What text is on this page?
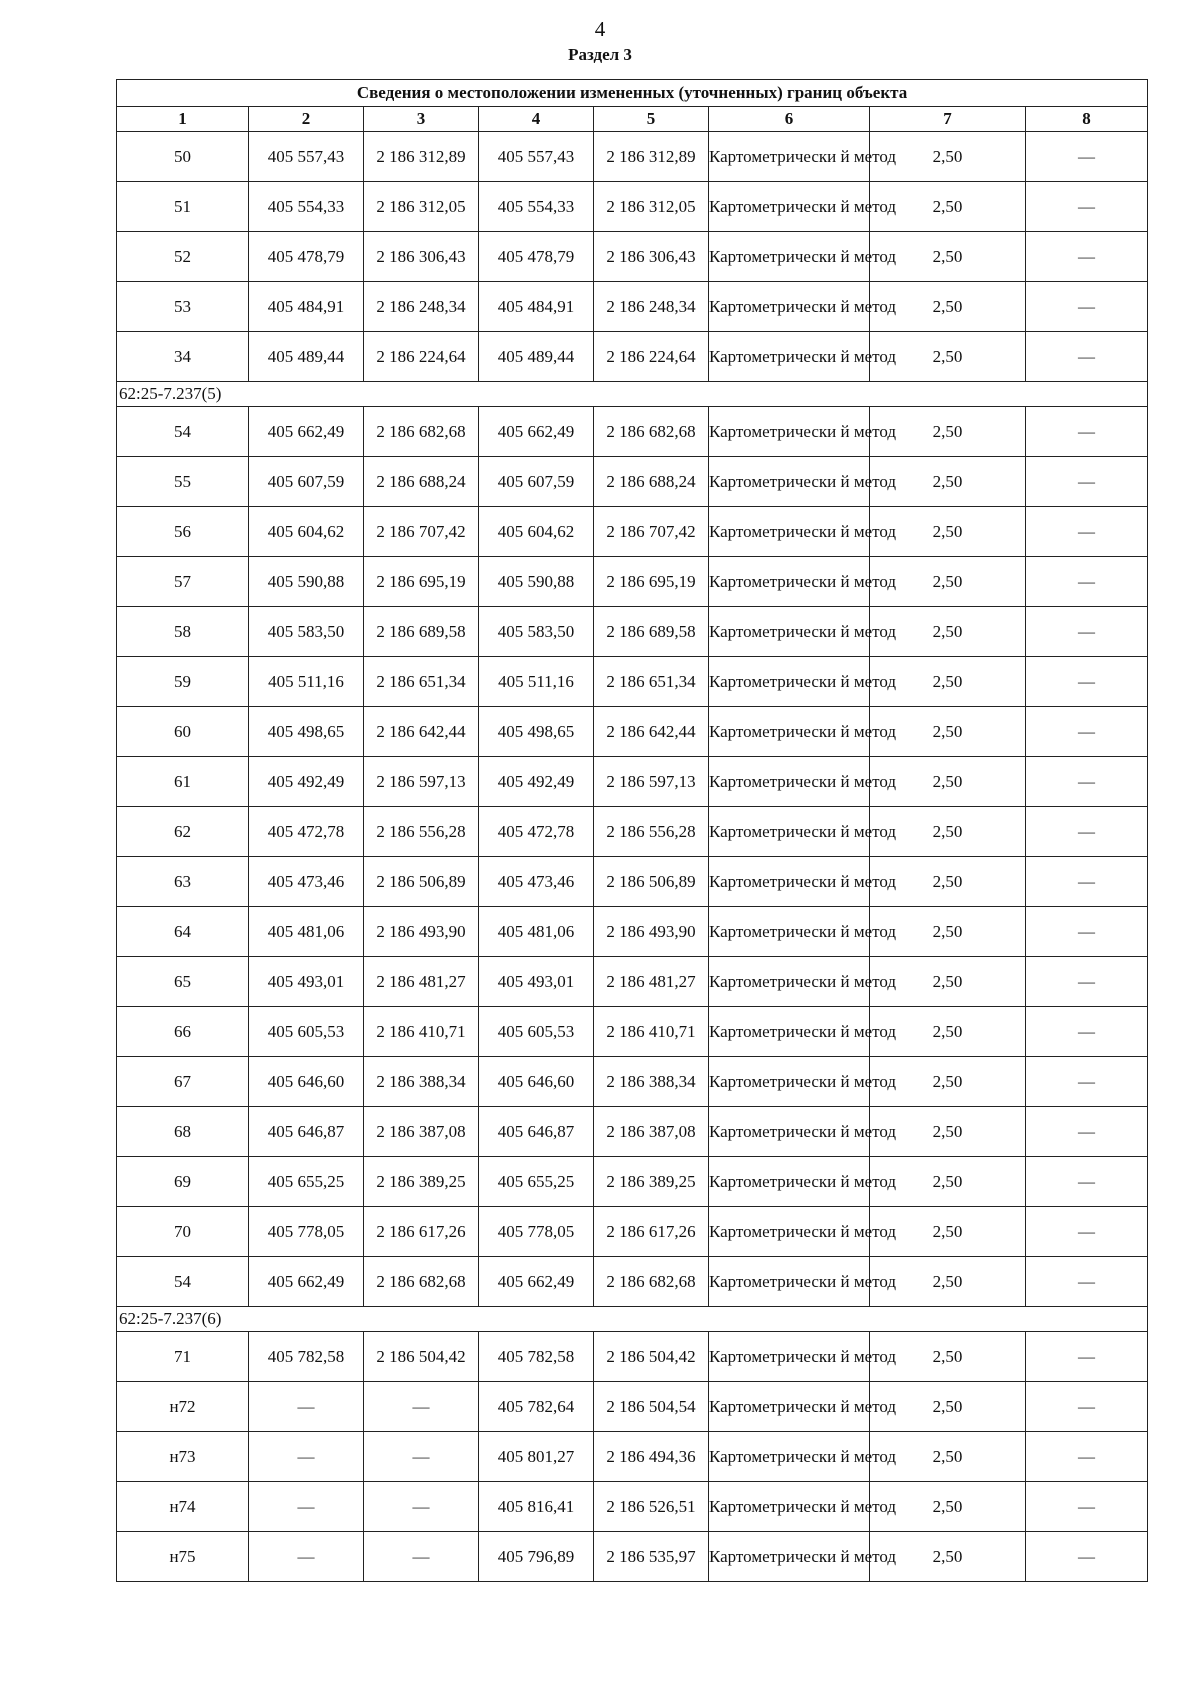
4
Раздел 3
Сведения о местоположении измененных (уточненных) границ объекта							
1	2	3	4	5	6	7	8
50	405 557,43	2 186 312,89	405 557,43	2 186 312,89	Картометрически й метод	2,50	—
51	405 554,33	2 186 312,05	405 554,33	2 186 312,05	Картометрически й метод	2,50	—
52	405 478,79	2 186 306,43	405 478,79	2 186 306,43	Картометрически й метод	2,50	—
53	405 484,91	2 186 248,34	405 484,91	2 186 248,34	Картометрически й метод	2,50	—
34	405 489,44	2 186 224,64	405 489,44	2 186 224,64	Картометрически й метод	2,50	—
62:25-7.237(5)							
54	405 662,49	2 186 682,68	405 662,49	2 186 682,68	Картометрически й метод	2,50	—
55	405 607,59	2 186 688,24	405 607,59	2 186 688,24	Картометрически й метод	2,50	—
56	405 604,62	2 186 707,42	405 604,62	2 186 707,42	Картометрически й метод	2,50	—
57	405 590,88	2 186 695,19	405 590,88	2 186 695,19	Картометрически й метод	2,50	—
58	405 583,50	2 186 689,58	405 583,50	2 186 689,58	Картометрически й метод	2,50	—
59	405 511,16	2 186 651,34	405 511,16	2 186 651,34	Картометрически й метод	2,50	—
60	405 498,65	2 186 642,44	405 498,65	2 186 642,44	Картометрически й метод	2,50	—
61	405 492,49	2 186 597,13	405 492,49	2 186 597,13	Картометрически й метод	2,50	—
62	405 472,78	2 186 556,28	405 472,78	2 186 556,28	Картометрически й метод	2,50	—
63	405 473,46	2 186 506,89	405 473,46	2 186 506,89	Картометрически й метод	2,50	—
64	405 481,06	2 186 493,90	405 481,06	2 186 493,90	Картометрически й метод	2,50	—
65	405 493,01	2 186 481,27	405 493,01	2 186 481,27	Картометрически й метод	2,50	—
66	405 605,53	2 186 410,71	405 605,53	2 186 410,71	Картометрически й метод	2,50	—
67	405 646,60	2 186 388,34	405 646,60	2 186 388,34	Картометрически й метод	2,50	—
68	405 646,87	2 186 387,08	405 646,87	2 186 387,08	Картометрически й метод	2,50	—
69	405 655,25	2 186 389,25	405 655,25	2 186 389,25	Картометрически й метод	2,50	—
70	405 778,05	2 186 617,26	405 778,05	2 186 617,26	Картометрически й метод	2,50	—
54	405 662,49	2 186 682,68	405 662,49	2 186 682,68	Картометрически й метод	2,50	—
62:25-7.237(6)							
71	405 782,58	2 186 504,42	405 782,58	2 186 504,42	Картометрически й метод	2,50	—
н72	—	—	405 782,64	2 186 504,54	Картометрически й метод	2,50	—
н73	—	—	405 801,27	2 186 494,36	Картометрически й метод	2,50	—
н74	—	—	405 816,41	2 186 526,51	Картометрически й метод	2,50	—
н75	—	—	405 796,89	2 186 535,97	Картометрически й метод	2,50	—
